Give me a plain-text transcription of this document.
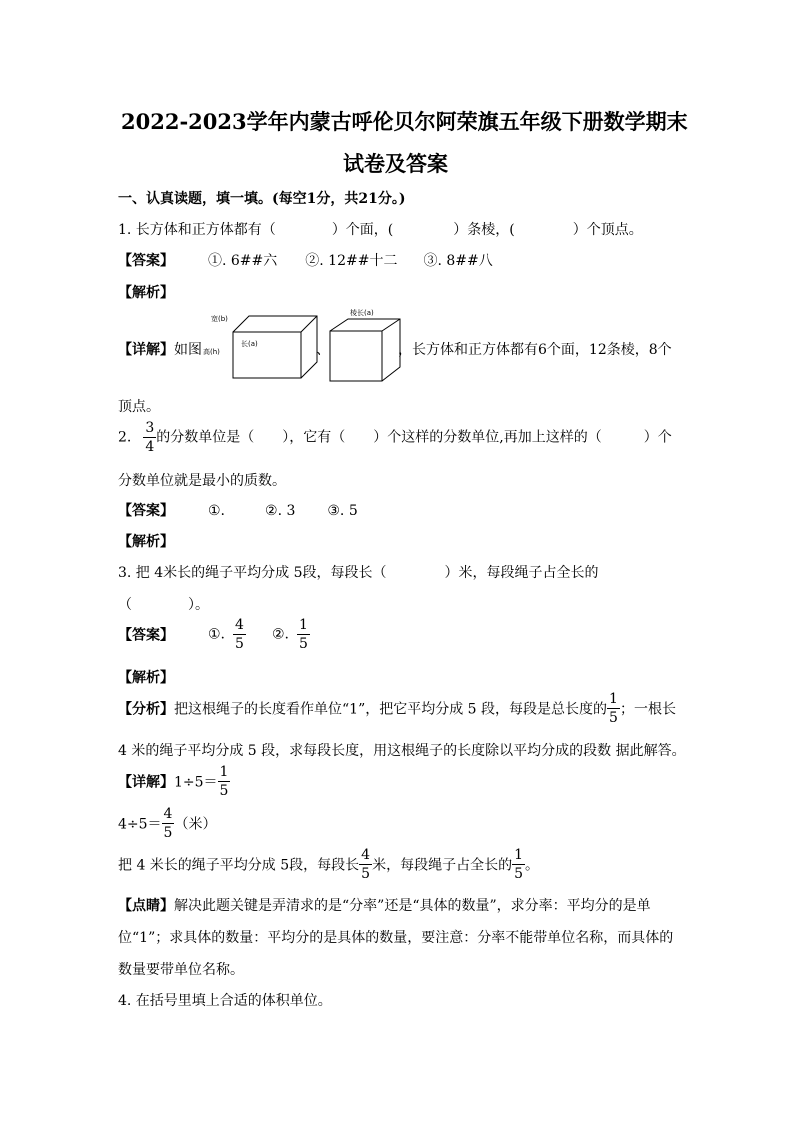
2022-2023学年内蒙古呼伦贝尔阿荣旗五年级下册数学期末
试卷及答案
一、认真读题，填一填。(每空1分，共21分。)
1. 长方体和正方体都有（	）个面，(	）条棱，(	）个顶点。
【答案】 ①. 6##六 ②. 12##十二 ③. 8##八
【解析】
【详解】如图
宽(b)
长(a)
高(h)	、
棱长(a)
，长方体和正方体都有6个面，12条棱，8个
顶点。
2. $\frac{3}{4}$ 的分数单位是（　　），它有（　　）个这样的分数单位,再加上这样的（　　　）个
分数单位就是最小的质数。
【答案】 ①.	②. 3 ③. 5
【解析】
3. 把 4米长的绳子平均分成 5段，每段长（	）米，每段绳子占全长的
（　　　　）。
【答案】 ①. $\frac{4}{5}$ ②. $\frac{1}{5}$
【解析】
【分析】把这根绳子的长度看作单位“1”，把它平均分成 5 段，每段是总长度的 $\frac{1}{5}$ ；一根长
4 米的绳子平均分成 5 段，求每段长度，用这根绳子的长度除以平均分成的段数 据此解答。
【详解】$1\div 5= \frac{1}{5}$
$4\div 5= \frac{4}{5}$ （米）
把 4 米长的绳子平均分成 5段，每段长 $\frac{4}{5}$ 米，每段绳子占全长的 $\frac{1}{5}$ 。
【点睛】解决此题关键是弄清求的是“分率”还是“具体的数量”，求分率：平均分的是单
位“1”；求具体的数量：平均分的是具体的数量，要注意：分率不能带单位名称，而具体的
数量要带单位名称。
4. 在括号里填上合适的体积单位。
